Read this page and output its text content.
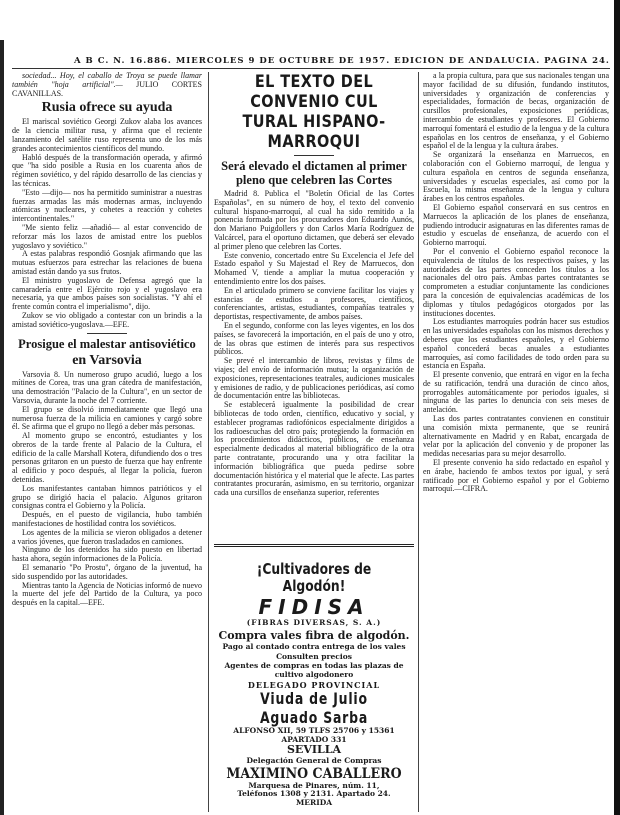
A B C. N. 16.886. MIERCOLES 9 DE OCTUBRE DE 1957. EDICION DE ANDALUCIA. PAGINA 24.

sociedad... Hoy, el caballo de Troya se puede llamar también "hoja artificial".— JULIO CORTES CAVANILLAS.

Rusia ofrece su ayuda

El mariscal soviético Georgi Zukov alaba los avances de la ciencia militar rusa, y afirma que el reciente lanzamiento del satélite ruso representa uno de los más grandes acontecimientos científicos del mundo.

Habló después de la transformación operada, y afirmó que "ha sido posible a Rusia en los cuarenta años de régimen soviético, y del rápido desarrollo de las ciencias y las técnicas.

"Esto —dijo— nos ha permitido suministrar a nuestras fuerzas armadas las más modernas armas, incluyendo atómicas y nucleares, y cohetes a reacción y cohetes intercontinentales."

"Me siento feliz —añadió— al estar convencido de reforzar más los lazos de amistad entre los pueblos yugoslavo y soviético."

A estas palabras respondió Gosnjak afirmando que las mutuas esfuerzos para estrechar las relaciones de buena amistad están dando ya sus frutos.

El ministro yugoslavo de Defensa agregó que la camaradería entre el Ejército rojo y el yugoslavo era necesaria, ya que ambos países son socialistas. "Y ahí el frente común contra el imperialismo", dijo.

Zukov se vio obligado a contestar con un brindis a la amistad soviético-yugoslava.—EFE.

Prosigue el malestar antisoviético
en Varsovia

Varsovia 8. Un numeroso grupo acudió, luego a los mítines de Corea, tras una gran cátedra de manifestación, una demostración "Palacio de la Cultura", en un sector de Varsovia, durante la noche del 7 corriente.

El grupo se disolvió inmediatamente que llegó una numerosa fuerza de la milicia en camiones y cargó sobre él. Se afirma que el grupo no llegó a deber más personas.

Al momento grupo se encontró, estudiantes y los obreros de la tarde frente al Palacio de la Cultura, el edificio de la calle Marshall Kotera, difundiendo dos o tres personas gritaron en un puesto de fuerza que hay enfrente al edificio y poco después, al llegar la policía, fueron detenidas.

Los manifestantes cantaban himnos patrióticos y el grupo se dirigió hacia el palacio. Algunos gritaron consignas contra el Gobierno y la Policía.

Después, en el puesto de vigilancia, hubo también manifestaciones de hostilidad contra los soviéticos.

Los agentes de la milicia se vieron obligados a detener a varios jóvenes, que fueron trasladados en camiones.

Ninguno de los detenidos ha sido puesto en libertad hasta ahora, según informaciones de la Policía.

El semanario "Po Prostu", órgano de la juventud, ha sido suspendido por las autoridades.

Mientras tanto la Agencia de Noticias informó de nuevo la muerte del jefe del Partido de la Cultura, ya poco después en la capital.—EFE.

EL TEXTO DEL CONVENIO CUL
TURAL HISPANO-MARROQUI
Será elevado el dictamen al primer pleno que celebren las Cortes

Madrid 8. Publica el "Boletín Oficial de las Cortes Españolas", en su número de hoy, el texto del convenio cultural hispano-marroquí, al cual ha sido remitido a la ponencia formada por los procuradores don Eduardo Aunós, don Mariano Puigdollers y don Carlos María Rodríguez de Valcárcel, para el oportuno dictamen, que deberá ser elevado al primer pleno que celebren las Cortes.

Este convenio, concertado entre Su Excelencia el Jefe del Estado español y Su Majestad el Rey de Marruecos, don Mohamed V, tiende a ampliar la mutua cooperación y entendimiento entre los dos países.

En el articulado primero se conviene facilitar los viajes y estancias de estudios a profesores, científicos, conferenciantes, artistas, estudiantes, compañías teatrales y deportistas, respectivamente, de ambos países.

En el segundo, conforme con las leyes vigentes, en los dos países, se favorecerá la importación, en el país de uno y otro, de las obras que estimen de interés para sus respectivos públicos.

Se prevé el intercambio de libros, revistas y films de viajes; del envío de información mutua; la organización de exposiciones, representaciones teatrales, audiciones musicales y emisiones de radio, y de publicaciones periódicas, así como de documentación entre las bibliotecas.

Se establecerá igualmente la posibilidad de crear bibliotecas de todo orden, científico, educativo y social, y establecer programas radiofónicos especialmente dirigidos a los radioescuchas del otro país; protegiendo la formación en los procedimientos didácticos, públicos, de enseñanza especialmente dedicados al material bibliográfico de la otra parte contratante, procurando una y otra facilitar la información bibliográfica que pueda pedirse sobre documentación histórica y el material que le afecte. Las partes contratantes procurarán, asimismo, en su territorio, organizar cada una cursillos de enseñanza superior, referentes

¡Cultivadores de Algodón!
FIDISA
(FIBRAS DIVERSAS, S. A.)
Compra vales fibra de algodón.
Pago al contado contra entrega de los vales
Consulten precios
Agentes de compras en todas las plazas de cultivo algodonero
DELEGADO PROVINCIAL
Viuda de Julio Aguado Sarba
ALFONSO XII, 59 TLFS 25706 y 15361
APARTADO 331
SEVILLA
Delegación General de Compras
MAXIMINO CABALLERO
Marquesa de Pinares, núm. 11,
Teléfonos 1308 y 2131. Apartado 24.
MERIDA

a la propia cultura, para que sus nacionales tengan una mayor facilidad de su difusión, fundando institutos, universidades y organización de conferencias y especialidades, formación de becas, organización de cursillos profesionales, exposiciones periódicas, intercambio de estudiantes y profesores. El Gobierno marroquí fomentará el estudio de la lengua y de la cultura españolas en los centros de enseñanza, y el Gobierno español el de la lengua y la cultura árabes.

Se organizará la enseñanza en Marruecos, en colaboración con el Gobierno marroquí, de lengua y cultura española en centros de segunda enseñanza, universidades y escuelas especiales, así como por la Escuela, la misma enseñanza de la lengua y cultura árabes en los centros españoles.

El Gobierno español conservará en sus centros en Marruecos la aplicación de los planes de enseñanza, pudiendo introducir asignaturas en las diferentes ramas de estudio y escuelas de enseñanza, de acuerdo con el Gobierno marroquí.

Por el convenio el Gobierno español reconoce la equivalencia de títulos de los respectivos países, y las autoridades de las partes conceden los títulos a los nacionales del otro país. Ambas partes contratantes se comprometen a estudiar conjuntamente las condiciones para la concesión de equivalencias académicas de los diplomas y títulos pedagógicos otorgados por las instituciones docentes.

Los estudiantes marroquíes podrán hacer sus estudios en las universidades españolas con los mismos derechos y deberes que los estudiantes españoles, y el Gobierno español concederá becas anuales a estudiantes marroquíes, así como facilidades de todo orden para su estancia en España.

El presente convenio, que entrará en vigor en la fecha de su ratificación, tendrá una duración de cinco años, prorrogables automáticamente por periodos iguales, si ninguna de las partes lo denuncia con seis meses de antelación.

Las dos partes contratantes convienen en constituir una comisión mixta permanente, que se reunirá alternativamente en Madrid y en Rabat, encargada de velar por la aplicación del convenio y de proponer las medidas necesarias para su mejor desarrollo.

El presente convenio ha sido redactado en español y en árabe, haciendo fe ambos textos por igual, y será ratificado por el Gobierno español y por el Gobierno marroquí.—CIFRA.
